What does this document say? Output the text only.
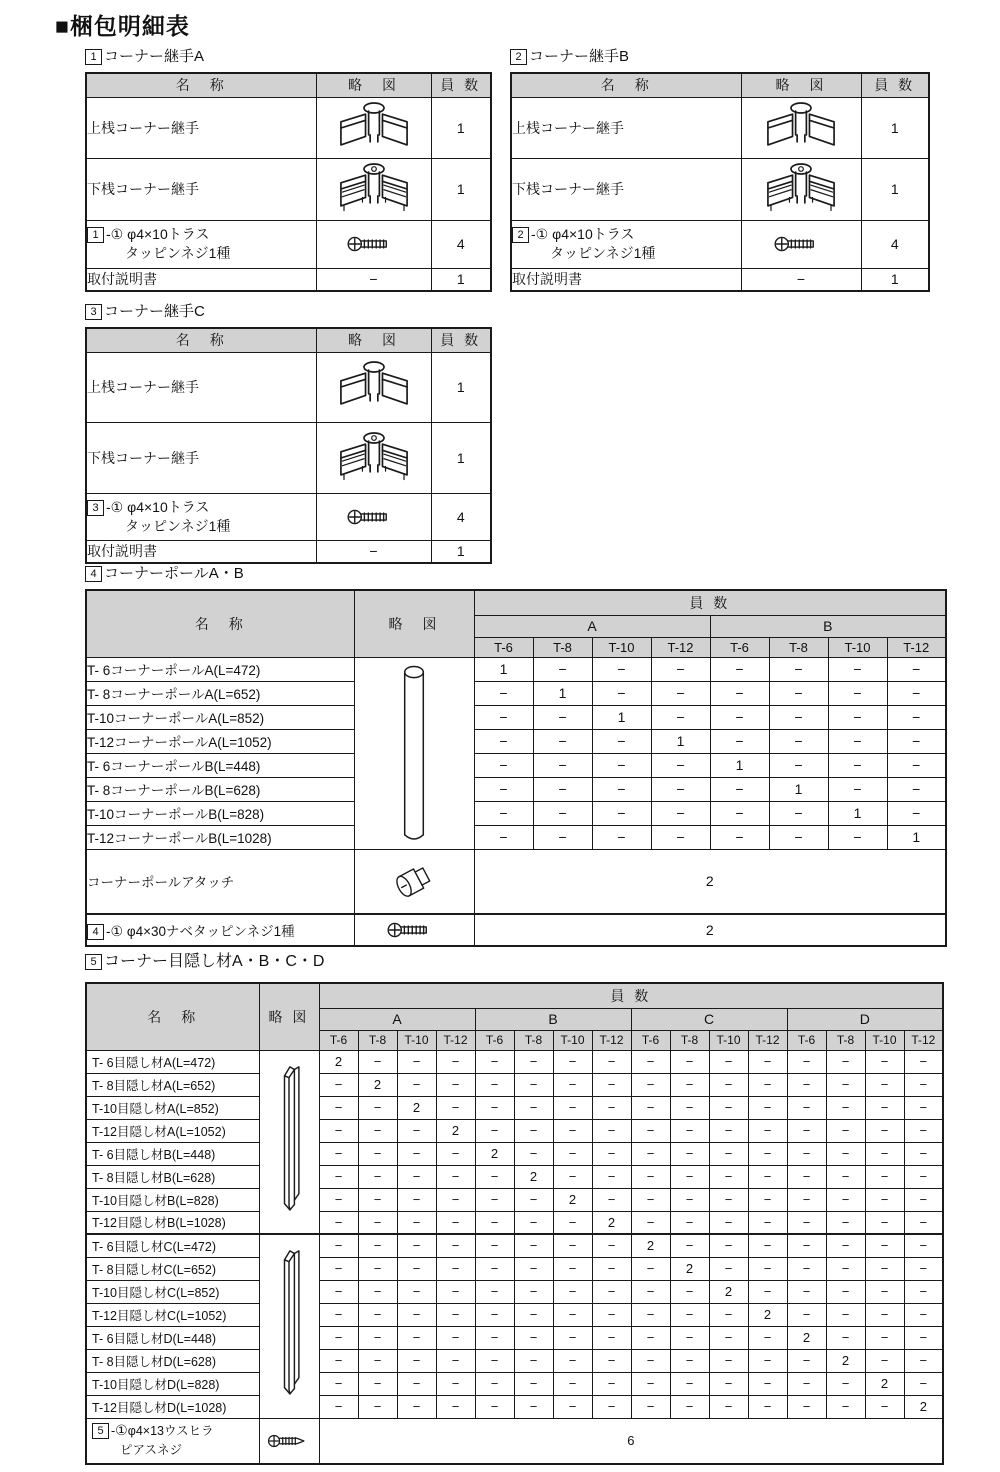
■梱包明細表
1 コーナー継手A
名　称	略　図	員 数
上桟コーナー継手		1
下桟コーナー継手		1

1 -① φ4×10トラス
タッピンネジ1種		4
取付説明書	−	1
2 コーナー継手B
名　称	略　図	員 数
上桟コーナー継手		1
下桟コーナー継手		1

2 -① φ4×10トラス
タッピンネジ1種		4
取付説明書	−	1
3 コーナー継手C
名　称	略　図	員 数
上桟コーナー継手		1
下桟コーナー継手		1

3 -① φ4×10トラス
タッピンネジ1種		4
取付説明書	−	1
4 コーナーポールA・B
名　称	略　図	員 数							
		A				B			
		T-6	T-8	T-10	T-12	T-6	T-8	T-10	T-12
T- 6コーナーポールA(L=472)		1	−	−	−	−	−	−	−
T- 8コーナーポールA(L=652)		−	1	−	−	−	−	−	−
T-10コーナーポールA(L=852)		−	−	1	−	−	−	−	−
T-12コーナーポールA(L=1052)		−	−	−	1	−	−	−	−
T- 6コーナーポールB(L=448)		−	−	−	−	1	−	−	−
T- 8コーナーポールB(L=628)		−	−	−	−	−	1	−	−
T-10コーナーポールB(L=828)		−	−	−	−	−	−	1	−
T-12コーナーポールB(L=1028)		−	−	−	−	−	−	−	1
コーナーポールアタッチ		2							
4 -① φ4×30ナベタッピンネジ1種		2							
5 コーナー目隠し材A・B・C・D
名　称	略 図	員 数															
		A				B				C				D			
		T-6	T-8	T-10	T-12	T-6	T-8	T-10	T-12	T-6	T-8	T-10	T-12	T-6	T-8	T-10	T-12
T- 6目隠し材A(L=472)		2	−	−	−	−	−	−	−	−	−	−	−	−	−	−	−
T- 8目隠し材A(L=652)		−	2	−	−	−	−	−	−	−	−	−	−	−	−	−	−
T-10目隠し材A(L=852)		−	−	2	−	−	−	−	−	−	−	−	−	−	−	−	−
T-12目隠し材A(L=1052)		−	−	−	2	−	−	−	−	−	−	−	−	−	−	−	−
T- 6目隠し材B(L=448)		−	−	−	−	2	−	−	−	−	−	−	−	−	−	−	−
T- 8目隠し材B(L=628)		−	−	−	−	−	2	−	−	−	−	−	−	−	−	−	−
T-10目隠し材B(L=828)		−	−	−	−	−	−	2	−	−	−	−	−	−	−	−	−
T-12目隠し材B(L=1028)		−	−	−	−	−	−	−	2	−	−	−	−	−	−	−	−
T- 6目隠し材C(L=472)		−	−	−	−	−	−	−	−	2	−	−	−	−	−	−	−
T- 8目隠し材C(L=652)		−	−	−	−	−	−	−	−	−	2	−	−	−	−	−	−
T-10目隠し材C(L=852)		−	−	−	−	−	−	−	−	−	−	2	−	−	−	−	−
T-12目隠し材C(L=1052)		−	−	−	−	−	−	−	−	−	−	−	2	−	−	−	−
T- 6目隠し材D(L=448)		−	−	−	−	−	−	−	−	−	−	−	−	2	−	−	−
T- 8目隠し材D(L=628)		−	−	−	−	−	−	−	−	−	−	−	−	−	2	−	−
T-10目隠し材D(L=828)		−	−	−	−	−	−	−	−	−	−	−	−	−	−	2	−
T-12目隠し材D(L=1028)		−	−	−	−	−	−	−	−	−	−	−	−	−	−	−	2

5 -①φ4×13ウスヒラ
ピアスネジ		6															
